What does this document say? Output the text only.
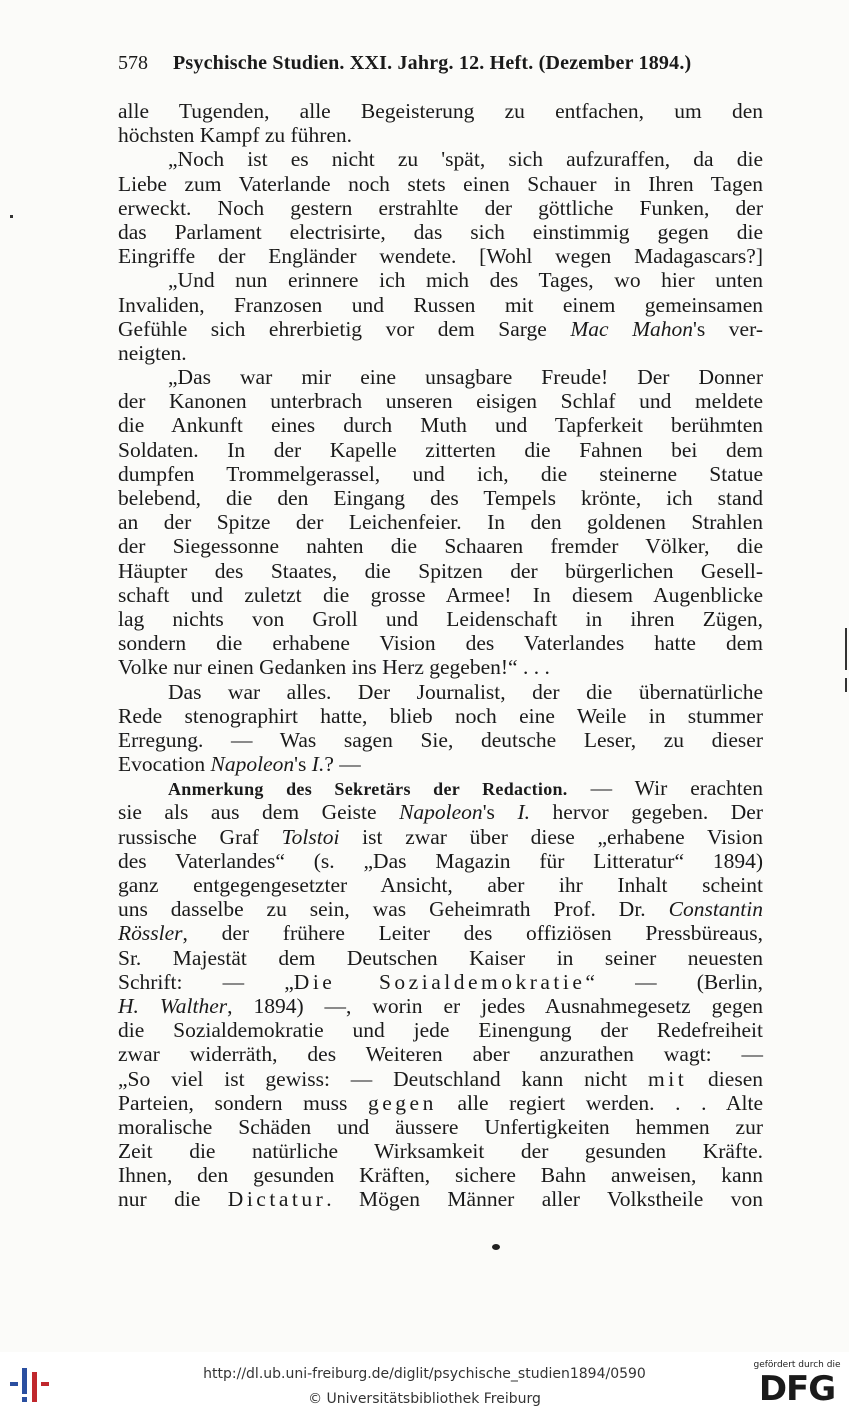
578 Psychische Studien. XXI. Jahrg. 12. Heft. (Dezember 1894.)
alle Tugenden, alle Begeisterung zu entfachen, um den
höchsten Kampf zu führen.
„Noch ist es nicht zu 'spät, sich aufzuraffen, da die
Liebe zum Vaterlande noch stets einen Schauer in Ihren Tagen
erweckt. Noch gestern erstrahlte der göttliche Funken, der
das Parlament electrisirte, das sich einstimmig gegen die
Eingriffe der Engländer wendete. [Wohl wegen Madagascars?]
„Und nun erinnere ich mich des Tages, wo hier unten
Invaliden, Franzosen und Russen mit einem gemeinsamen
Gefühle sich ehrerbietig vor dem Sarge Mac Mahon's ver-
neigten.
„Das war mir eine unsagbare Freude! Der Donner
der Kanonen unterbrach unseren eisigen Schlaf und meldete
die Ankunft eines durch Muth und Tapferkeit berühmten
Soldaten. In der Kapelle zitterten die Fahnen bei dem
dumpfen Trommelgerassel, und ich, die steinerne Statue
belebend, die den Eingang des Tempels krönte, ich stand
an der Spitze der Leichenfeier. In den goldenen Strahlen
der Siegessonne nahten die Schaaren fremder Völker, die
Häupter des Staates, die Spitzen der bürgerlichen Gesell-
schaft und zuletzt die grosse Armee! In diesem Augenblicke
lag nichts von Groll und Leidenschaft in ihren Zügen,
sondern die erhabene Vision des Vaterlandes hatte dem
Volke nur einen Gedanken ins Herz gegeben!“ . . .
Das war alles. Der Journalist, der die übernatürliche
Rede stenographirt hatte, blieb noch eine Weile in stummer
Erregung. — Was sagen Sie, deutsche Leser, zu dieser
Evocation Napoleon's I.? —
Anmerkung des Sekretärs der Redaction. — Wir erachten
sie als aus dem Geiste Napoleon's I. hervor gegeben. Der
russische Graf Tolstoi ist zwar über diese „erhabene Vision
des Vaterlandes“ (s. „Das Magazin für Litteratur“ 1894)
ganz entgegengesetzter Ansicht, aber ihr Inhalt scheint
uns dasselbe zu sein, was Geheimrath Prof. Dr. Constantin
Rössler, der frühere Leiter des offiziösen Pressbüreaus,
Sr. Majestät dem Deutschen Kaiser in seiner neuesten
Schrift: — „Die Sozialdemokratie“ — (Berlin,
H. Walther, 1894) —, worin er jedes Ausnahmegesetz gegen
die Sozialdemokratie und jede Einengung der Redefreiheit
zwar widerräth, des Weiteren aber anzurathen wagt: —
„So viel ist gewiss: — Deutschland kann nicht mit diesen
Parteien, sondern muss gegen alle regiert werden. . . Alte
moralische Schäden und äussere Unfertigkeiten hemmen zur
Zeit die natürliche Wirksamkeit der gesunden Kräfte.
Ihnen, den gesunden Kräften, sichere Bahn anweisen, kann
nur die Dictatur. Mögen Männer aller Volkstheile von
http://dl.ub.uni-freiburg.de/diglit/psychische_studien1894/0590
© Universitätsbibliothek Freiburg
gefördert durch die
DFG
